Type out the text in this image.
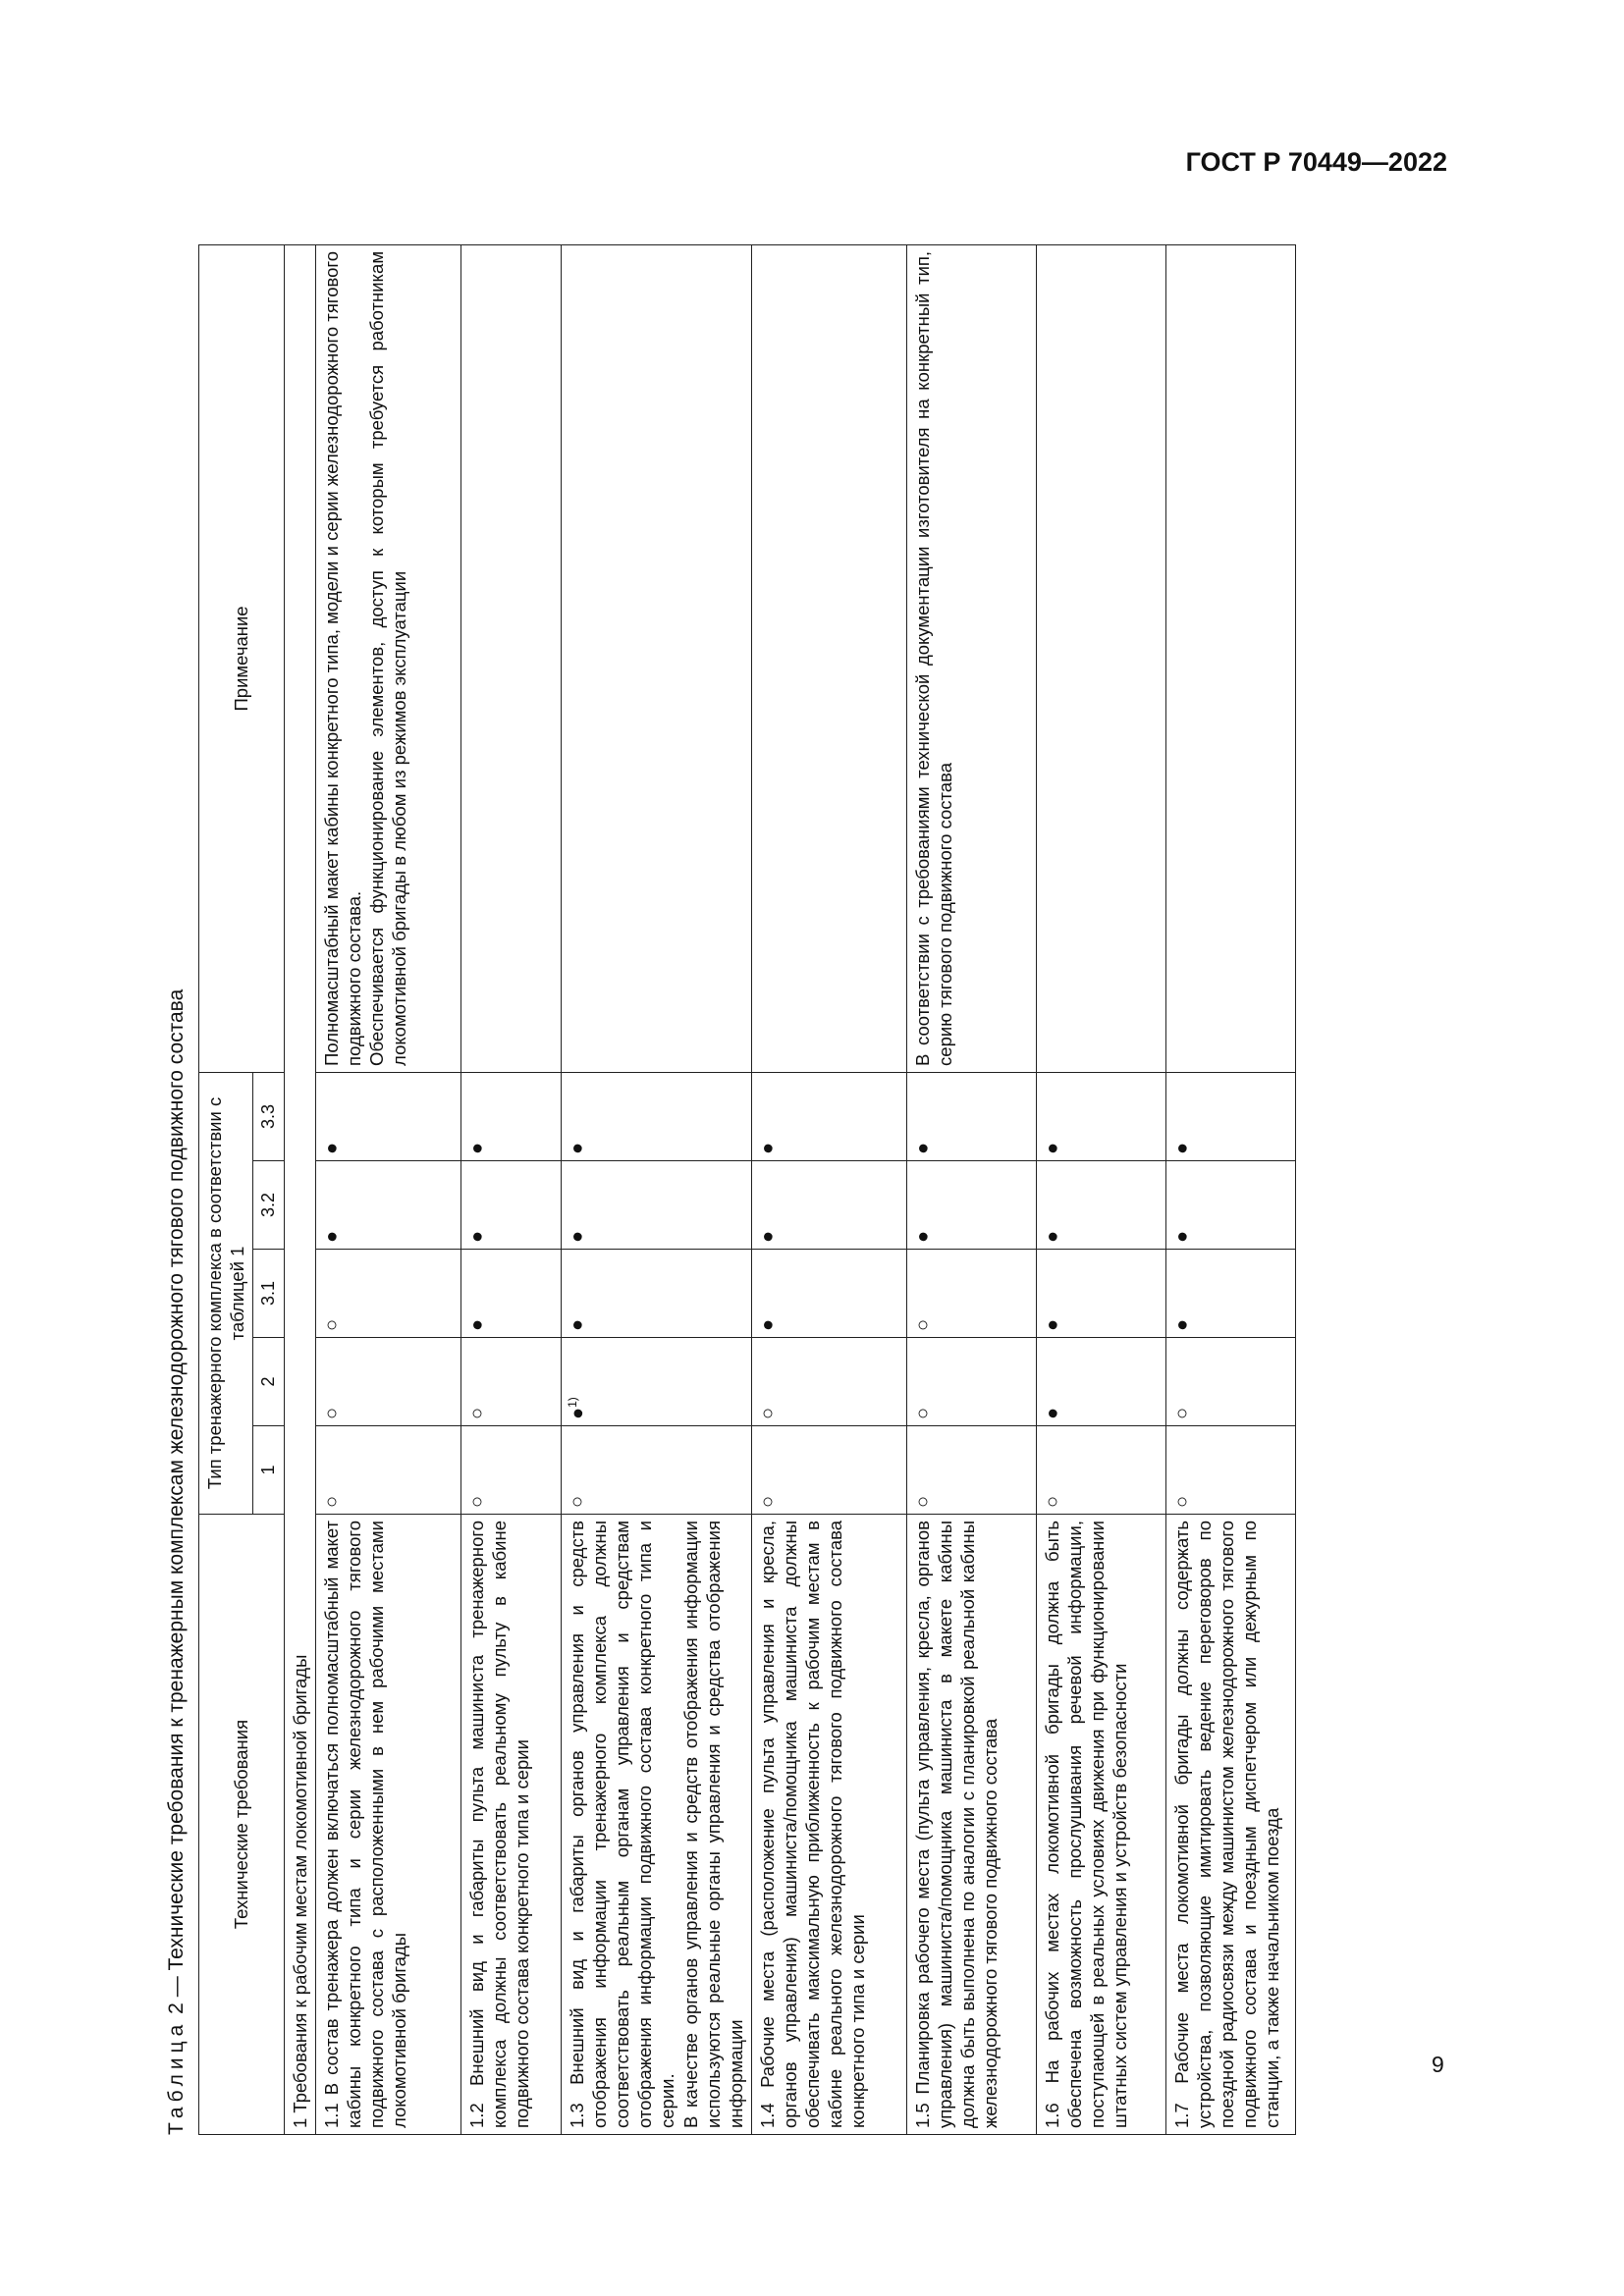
ГОСТ Р 70449—2022
Таблица 2 — Технические требования к тренажерным комплексам железнодорожного тягового подвижного состава	Технические требования	Тип тренажерного комплекса в соответствии с таблицей 1					Примечание
	1	2	3.1	3.2	3.3	
1 Требования к рабочим местам локомотивной бригады						
1.1 В состав тренажера должен включаться полномасштабный макет кабины конкретного типа и серии железнодорожного тягового подвижного состава с расположенными в нем рабочими местами локомотивной бригады	○	○	○	●	●	Полномасштабный макет кабины конкретного типа, модели и серии железнодорожного тягового подвижного состава. Обеспечивается функционирование элементов, доступ к которым требуется работникам локомотивной бригады в любом из режимов эксплуатации

1.2 Внешний вид и габариты пульта машиниста тренажерного комплекса должны соответствовать реальному пульту в кабине подвижного состава конкретного типа и серии	○	○	●	●	●	

1.3 Внешний вид и габариты органов управления и средств отображения информации тренажерного комплекса должны соответствовать реальным органам управления и средствам отображения информации подвижного состава конкретного типа и серии. В качестве органов управления и средств отображения информации используются реальные органы управления и средства отображения информации	○	●$^{1)}$	●	●	●	
1.4 Рабочие места (расположение пульта управления и кресла, органов управления) машиниста/помощника машиниста должны обеспечивать максимальную приближенность к рабочим местам в кабине реального железнодорожного тягового подвижного состава конкретного типа и серии	○	○	●	●	●	
1.5 Планировка рабочего места (пульта управления, кресла, органов управления) машиниста/помощника машиниста в макете кабины должна быть выполнена по аналогии с планировкой реальной кабины железнодорожного тягового подвижного состава	○	○	○	●	●	В соответствии с требованиями технической документации изготовителя на конкретный тип, серию тягового подвижного состава
1.6 На рабочих местах локомотивной бригады должна быть обеспечена возможность прослушивания речевой информации, поступающей в реальных условиях движения при функционировании штатных систем управления и устройств безопасности	○	●	●	●	●	
1.7 Рабочие места локомотивной бригады должны содержать устройства, позволяющие имитировать ведение переговоров по поездной радиосвязи между машинистом железнодорожного тягового подвижного состава и поездным диспетчером или дежурным по станции, а также начальником поезда	○	○	●	●	●	
9
